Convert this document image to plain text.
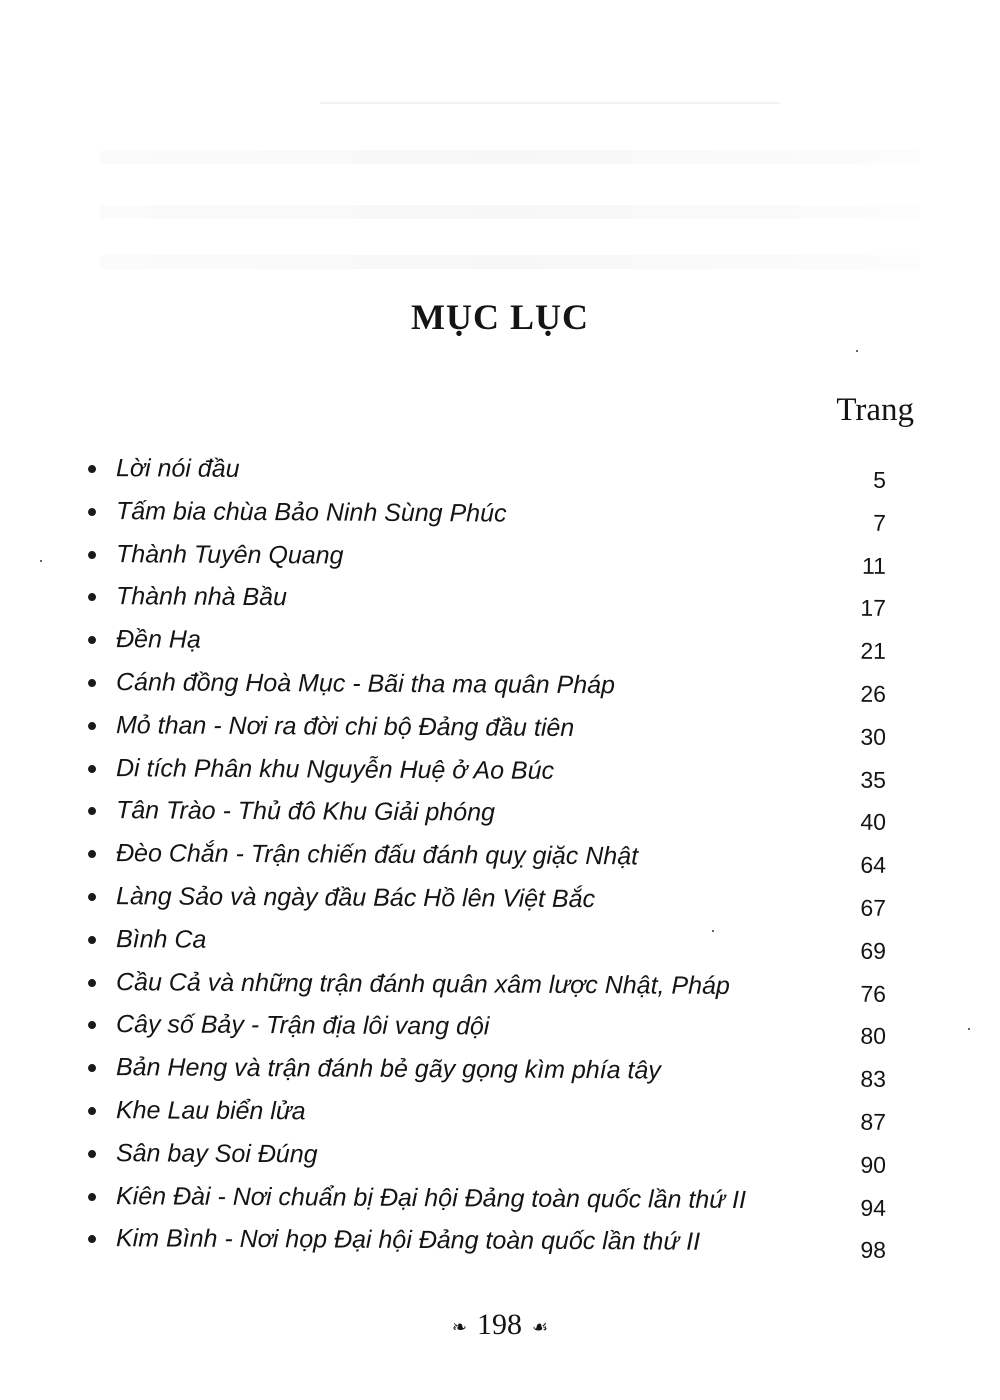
MỤC LỤC
Trang
Lời nói đầu	5
Tấm bia chùa Bảo Ninh Sùng Phúc	7
Thành Tuyên Quang	11
Thành nhà Bầu	17
Đền Hạ	21
Cánh đồng Hoà Mục - Bãi tha ma quân Pháp	26
Mỏ than - Nơi ra đời chi bộ Đảng đầu tiên	30
Di tích Phân khu Nguyễn Huệ ở Ao Búc	35
Tân Trào - Thủ đô Khu Giải phóng	40
Đèo Chắn - Trận chiến đấu đánh quỵ giặc Nhật	64
Làng Sảo và ngày đầu Bác Hồ lên Việt Bắc	67
Bình Ca	69
Cầu Cả và những trận đánh quân xâm lược Nhật, Pháp	76
Cây số Bảy - Trận địa lôi vang dội	80
Bản Heng và trận đánh bẻ gãy gọng kìm phía tây	83
Khe Lau biển lửa	87
Sân bay Soi Đúng	90
Kiên Đài - Nơi chuẩn bị Đại hội Đảng toàn quốc lần thứ II	94
Kim Bình - Nơi họp Đại hội Đảng toàn quốc lần thứ II	98
❧ 198 ☙
